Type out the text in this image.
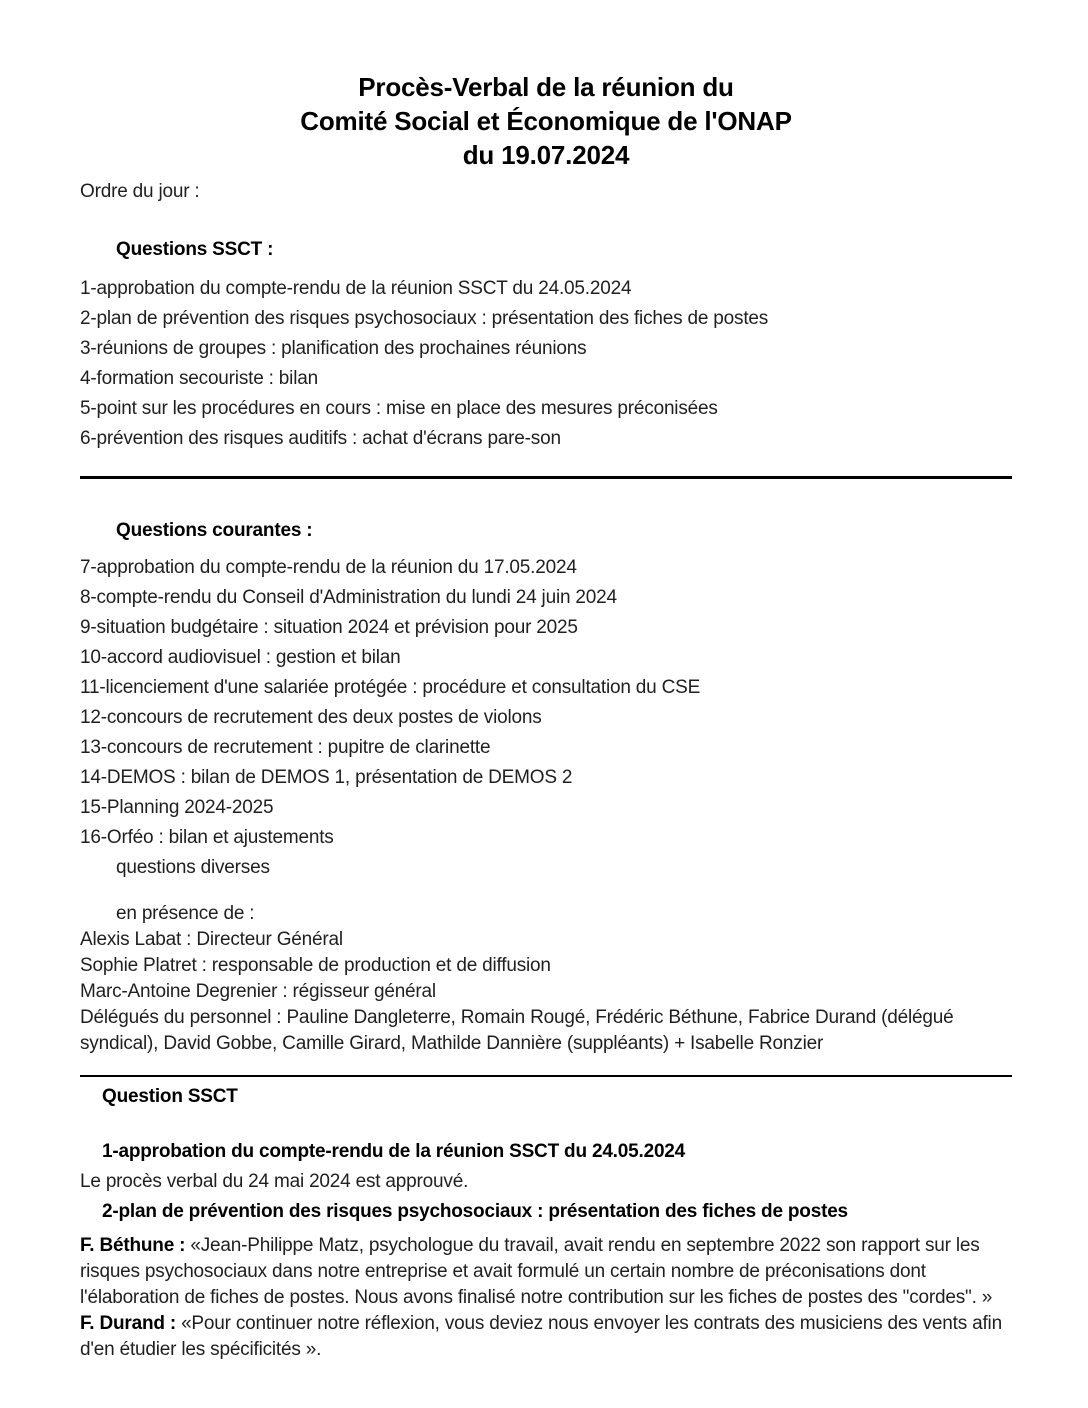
Procès-Verbal de la réunion du
Comité Social et Économique de l'ONAP
du 19.07.2024

Ordre du jour :

Questions SSCT :

1-approbation du compte-rendu de la réunion SSCT du 24.05.2024

2-plan de prévention des risques psychosociaux : présentation des fiches de postes

3-réunions de groupes : planification des prochaines réunions

4-formation secouriste : bilan

5-point sur les procédures en cours : mise en place des mesures préconisées

6-prévention des risques auditifs : achat d'écrans pare-son

Questions courantes :

7-approbation du compte-rendu de la réunion du 17.05.2024

8-compte-rendu du Conseil d'Administration du lundi 24 juin 2024

9-situation budgétaire : situation 2024 et prévision pour 2025

10-accord audiovisuel : gestion et bilan

11-licenciement d'une salariée protégée : procédure et consultation du CSE

12-concours de recrutement des deux postes de violons

13-concours de recrutement : pupitre de clarinette

14-DEMOS : bilan de DEMOS 1, présentation de DEMOS 2

15-Planning 2024-2025

16-Orféo : bilan et ajustements

questions diverses

en présence de :

Alexis Labat : Directeur Général

Sophie Platret : responsable de production et de diffusion

Marc-Antoine Degrenier : régisseur général

Délégués du personnel : Pauline Dangleterre, Romain Rougé, Frédéric Béthune, Fabrice Durand (délégué syndical), David Gobbe, Camille Girard, Mathilde Dannière (suppléants) + Isabelle Ronzier

Question SSCT

1-approbation du compte-rendu de la réunion SSCT du 24.05.2024

Le procès verbal du 24 mai 2024 est approuvé.

2-plan de prévention des risques psychosociaux : présentation des fiches de postes

F. Béthune : «Jean-Philippe Matz, psychologue du travail, avait rendu en septembre 2022 son rapport sur les risques psychosociaux dans notre entreprise et avait formulé un certain nombre de préconisations dont l'élaboration de fiches de postes. Nous avons finalisé notre contribution sur les fiches de postes des "cordes". »

F. Durand : «Pour continuer notre réflexion, vous deviez nous envoyer les contrats des musiciens des vents afin d'en étudier les spécificités ».
